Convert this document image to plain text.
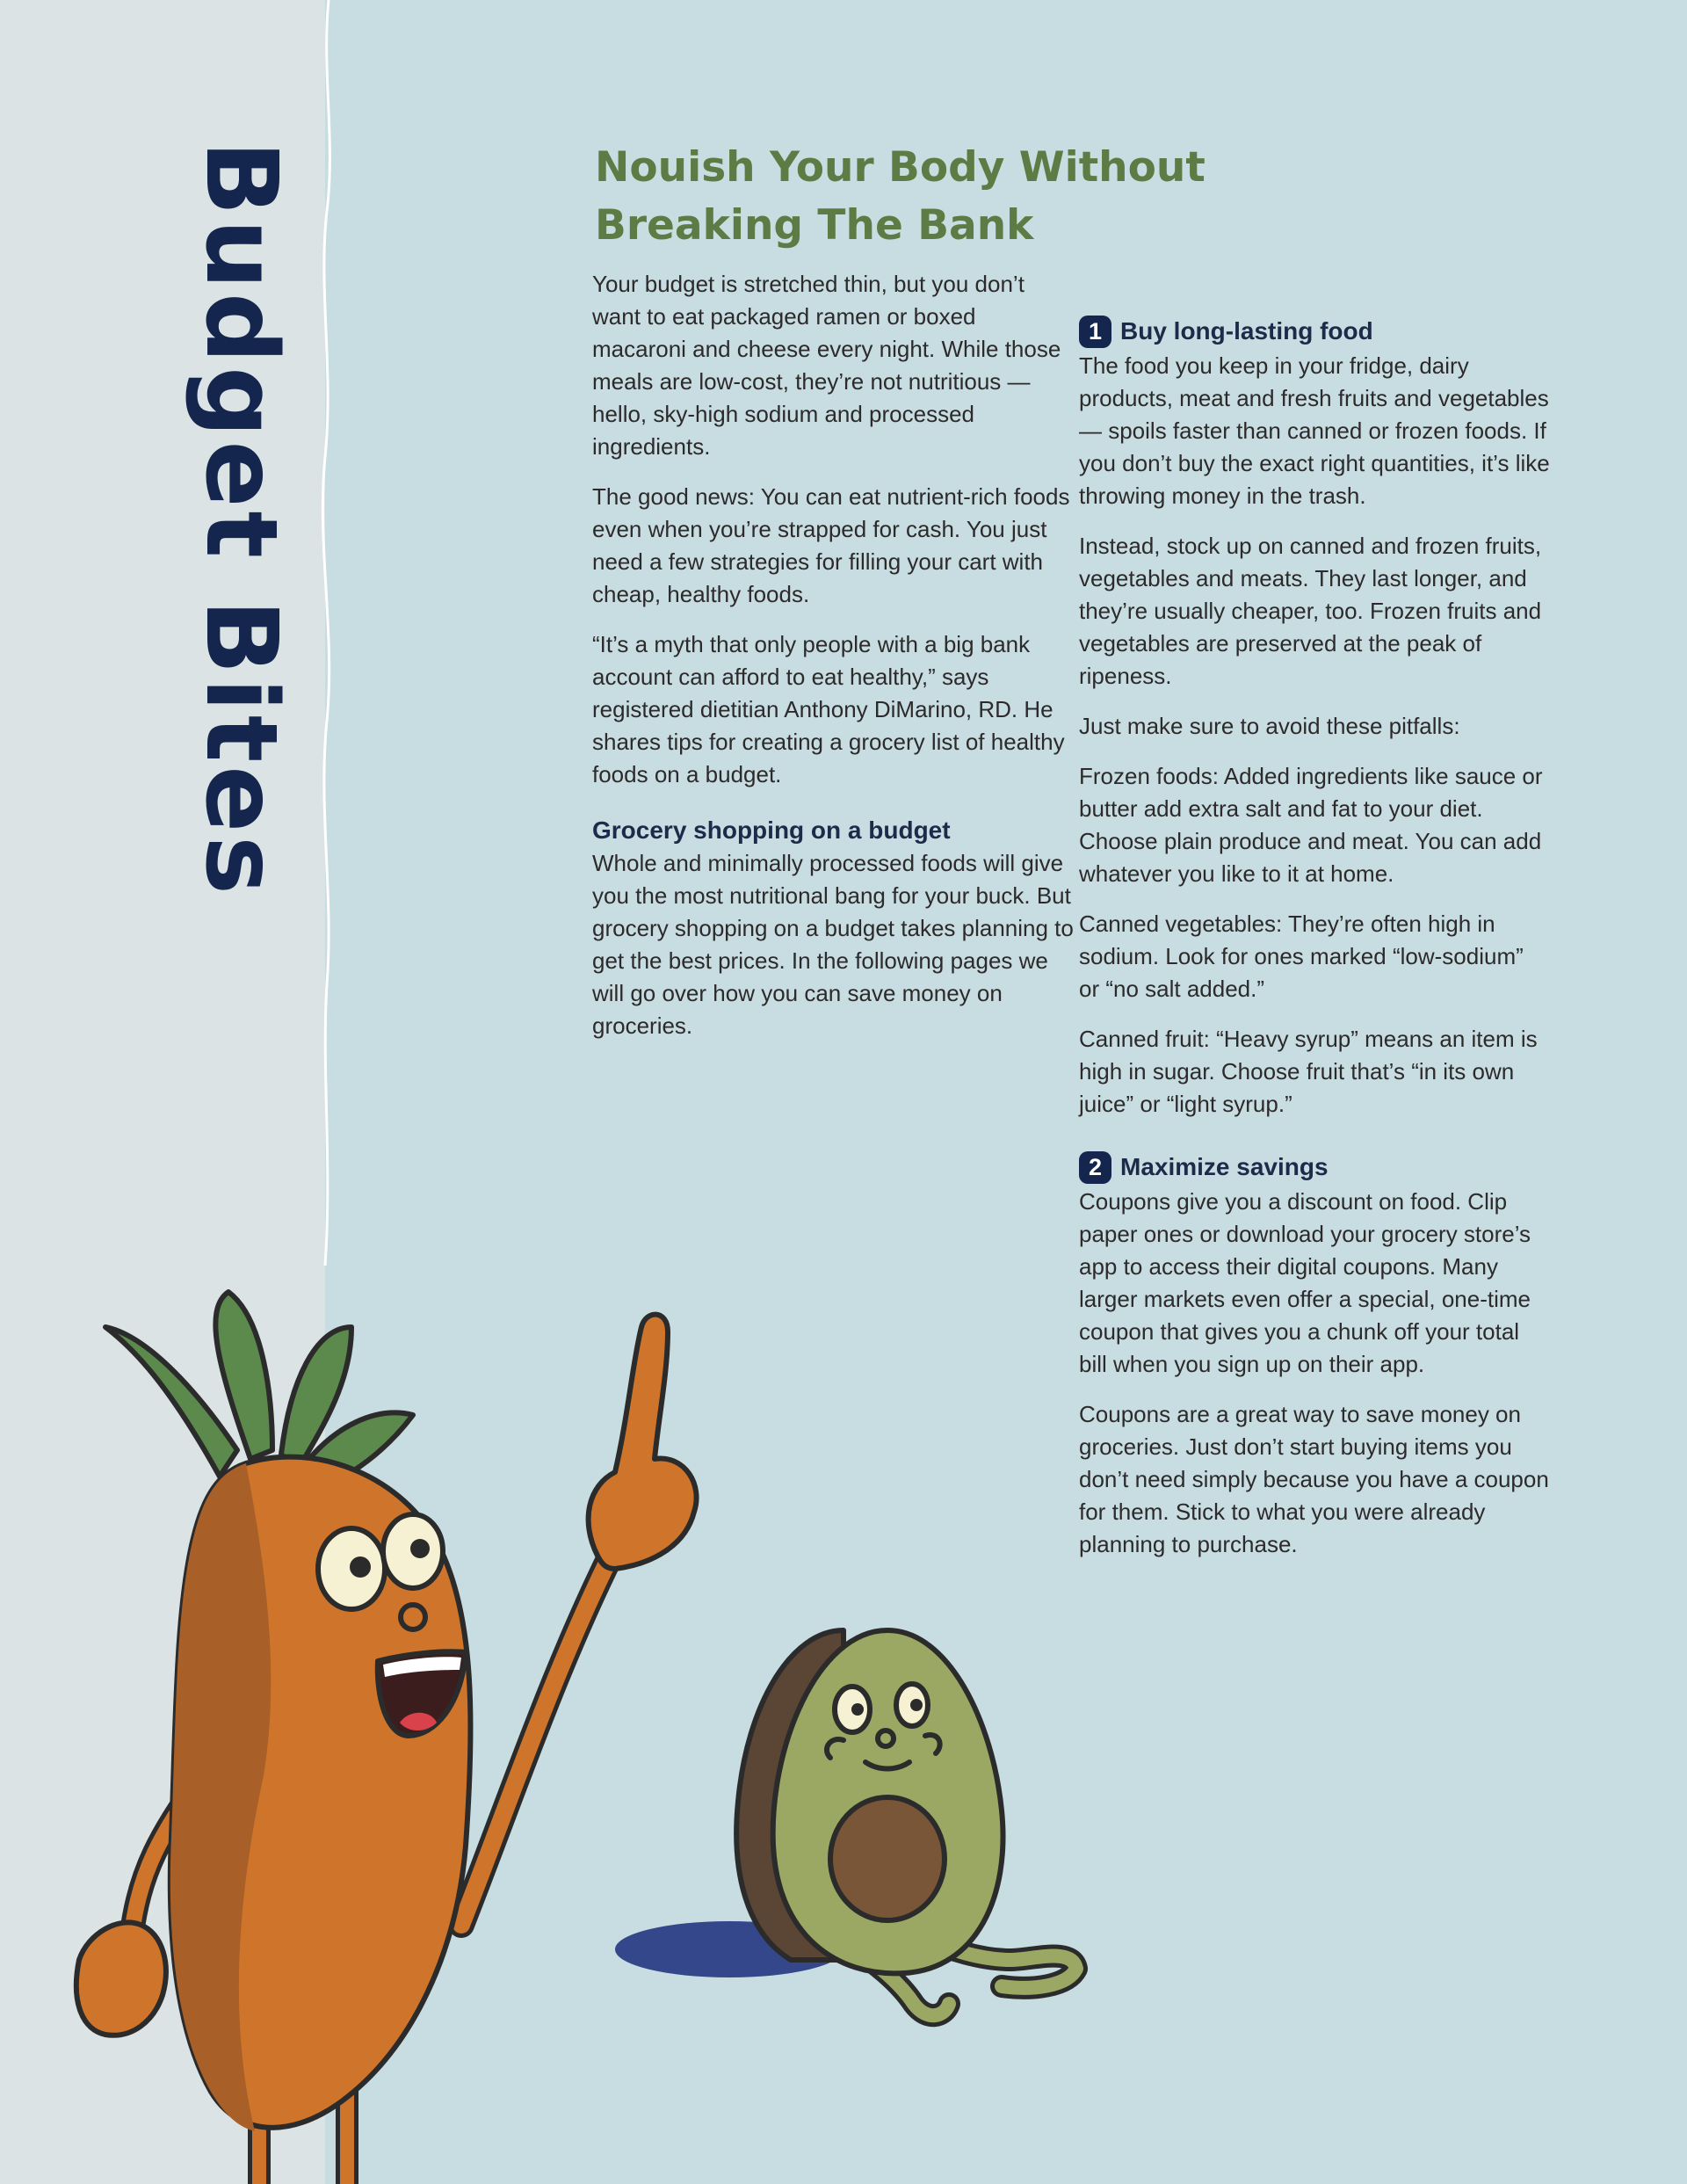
Budget Bites	Nouish Your Body Without Breaking The Bank

Your budget is stretched thin, but you don’t want to eat packaged ramen or boxed macaroni and cheese every night. While those meals are low-cost, they’re not nutritious — hello, sky-high sodium and processed ingredients.

The good news: You can eat nutrient-rich foods even when you’re strapped for cash. You just need a few strategies for filling your cart with cheap, healthy foods.

“It’s a myth that only people with a big bank account can afford to eat healthy,” says registered dietitian Anthony DiMarino, RD. He shares tips for creating a grocery list of healthy foods on a budget.

Grocery shopping on a budget

Whole and minimally processed foods will give you the most nutritional bang for your buck. But grocery shopping on a budget takes planning to get the best prices. In the following pages we will go over how you can save money on groceries.

1 Buy long-lasting food

The food you keep in your fridge, dairy products, meat and fresh fruits and vegetables — spoils faster than canned or frozen foods. If you don’t buy the exact right quantities, it’s like throwing money in the trash.

Instead, stock up on canned and frozen fruits, vegetables and meats. They last longer, and they’re usually cheaper, too. Frozen fruits and vegetables are preserved at the peak of ripeness.

Just make sure to avoid these pitfalls:

Frozen foods: Added ingredients like sauce or butter add extra salt and fat to your diet. Choose plain produce and meat. You can add whatever you like to it at home.

Canned vegetables: They’re often high in sodium. Look for ones marked “low-sodium” or “no salt added.”

Canned fruit: “Heavy syrup” means an item is high in sugar. Choose fruit that’s “in its own juice” or “light syrup.”

2 Maximize savings

Coupons give you a discount on food. Clip paper ones or download your grocery store’s app to access their digital coupons. Many larger markets even offer a special, one-time coupon that gives you a chunk off your total bill when you sign up on their app.

Coupons are a great way to save money on groceries. Just don’t start buying items you don’t need simply because you have a coupon for them. Stick to what you were already planning to purchase.
